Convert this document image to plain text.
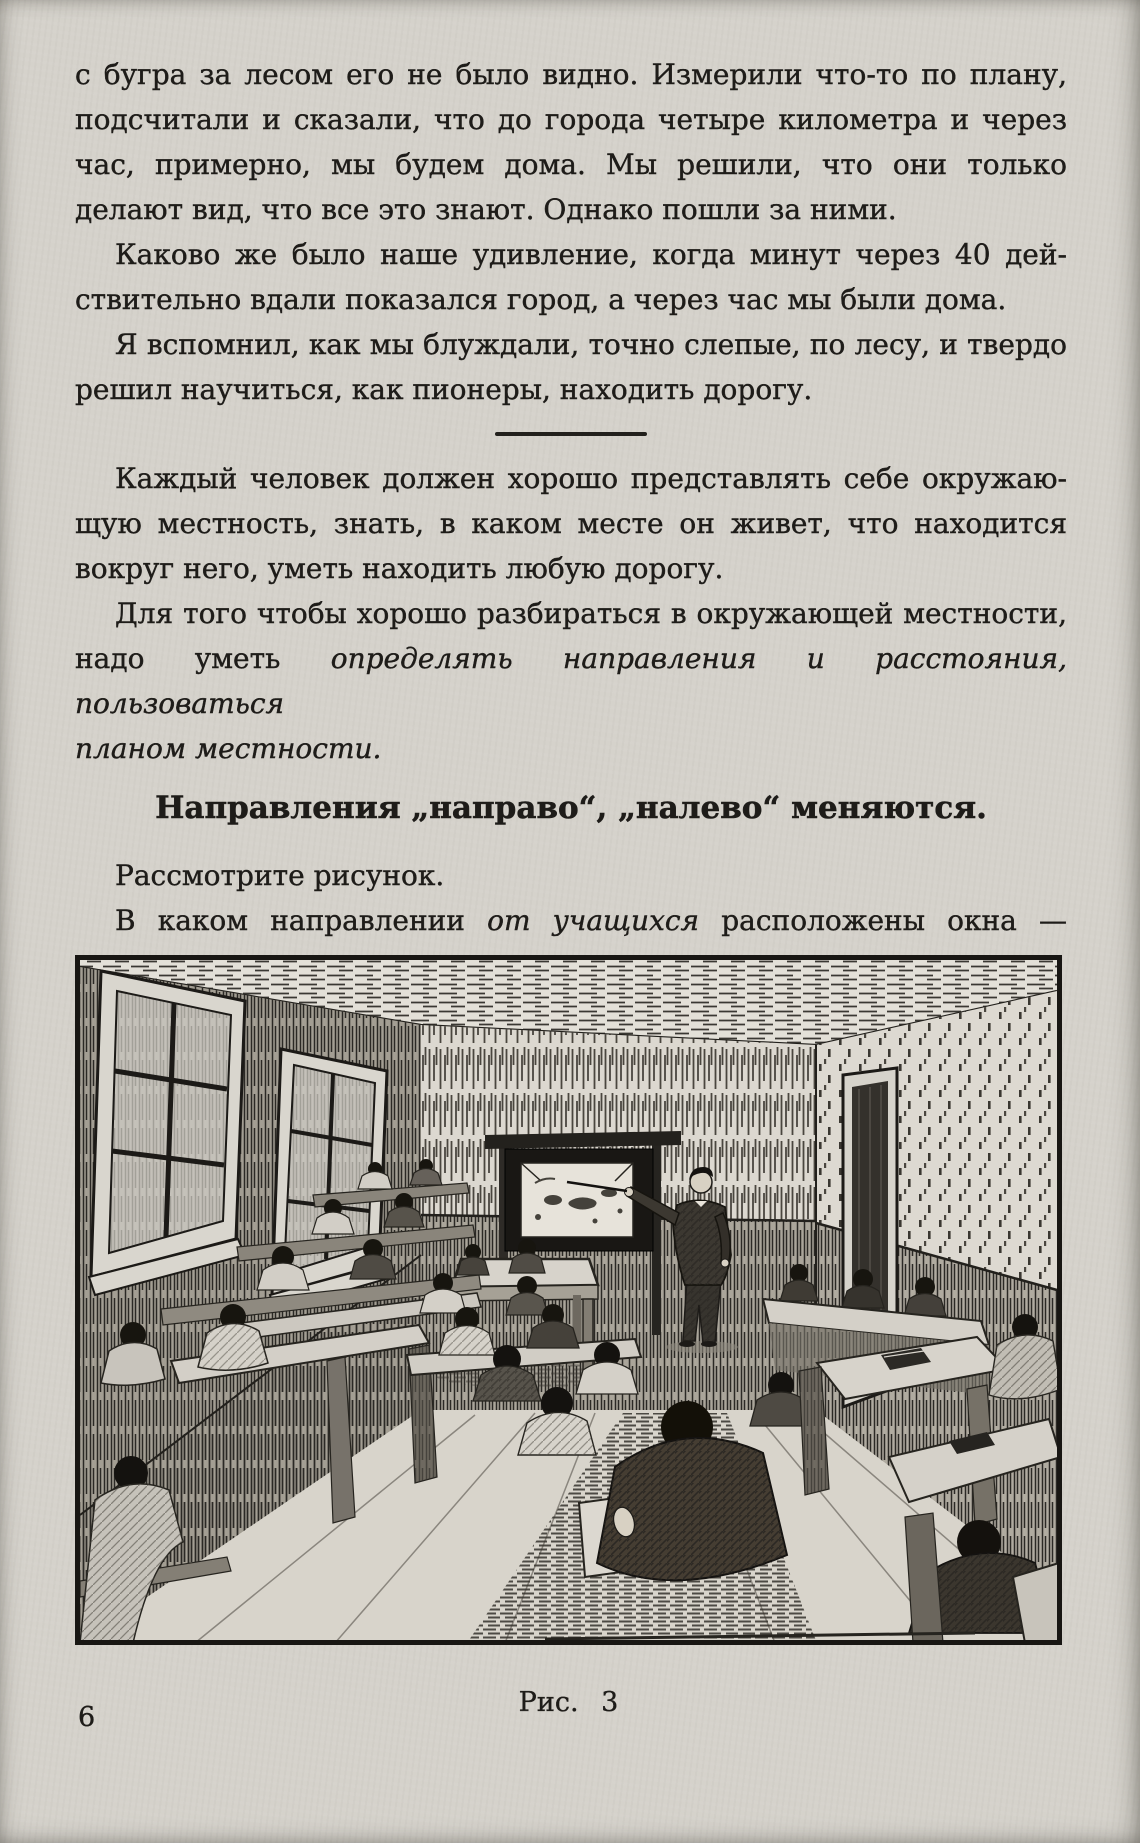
с бугра за лесом его не было видно. Измерили что-то по плану,
подсчитали и сказали, что до города четыре километра и через
час, примерно, мы будем дома. Мы решили, что они только
делают вид, что все это знают. Однако пошли за ними.
Каково же было наше удивление, когда минут через 40 дей-
ствительно вдали показался город, а через час мы были дома.
Я вспомнил, как мы блуждали, точно слепые, по лесу, и твердо
решил научиться, как пионеры, находить дорогу.
Каждый человек должен хорошо представлять себе окружаю-
щую местность, знать, в каком месте он живет, что находится
вокруг него, уметь находить любую дорогу.
Для того чтобы хорошо разбираться в окружающей местности,
надо уметь определять направления и расстояния, пользоваться
планом местности.
Направления „направо“, „налево“ меняются.
Рассмотрите рисунок.
В каком направлении от учащихся расположены окна —
Рис. 3
6
